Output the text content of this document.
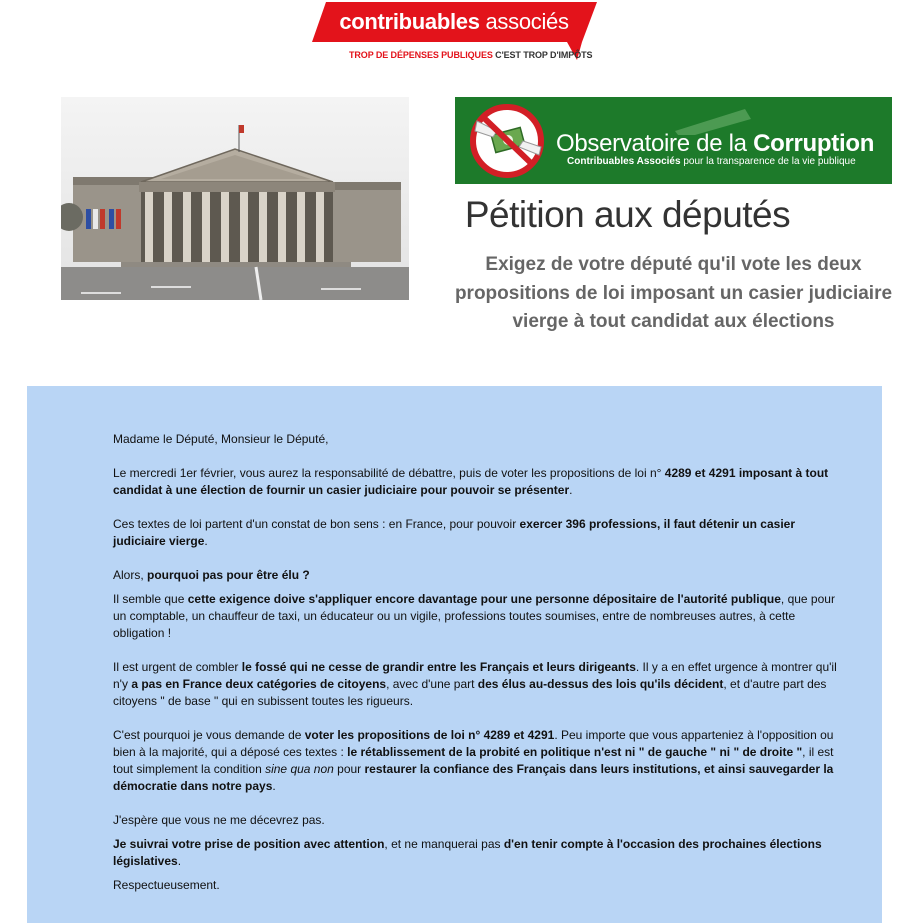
contribuables associés
TROP DE DÉPENSES PUBLIQUES C'EST TROP D'IMPÔTS
Observatoire de la Corruption
Contribuables Associés pour la transparence de la vie publique
Pétition aux députés
Exigez de votre député qu'il vote les deux propositions de loi imposant un casier judiciaire vierge à tout candidat aux élections

Madame le Député, Monsieur le Député,

Le mercredi 1er février, vous aurez la responsabilité de débattre, puis de voter les propositions de loi n° 4289 et 4291 imposant à tout candidat à une élection de fournir un casier judiciaire pour pouvoir se présenter.

Ces textes de loi partent d'un constat de bon sens : en France, pour pouvoir exercer 396 professions, il faut détenir un casier judiciaire vierge.

Alors, pourquoi pas pour être élu ?

Il semble que cette exigence doive s'appliquer encore davantage pour une personne dépositaire de l'autorité publique, que pour un comptable, un chauffeur de taxi, un éducateur ou un vigile, professions toutes soumises, entre de nombreuses autres, à cette obligation !

Il est urgent de combler le fossé qui ne cesse de grandir entre les Français et leurs dirigeants. Il y a en effet urgence à montrer qu'il n'y a pas en France deux catégories de citoyens, avec d'une part des élus au-dessus des lois qu'ils décident, et d'autre part des citoyens " de base " qui en subissent toutes les rigueurs.

C'est pourquoi je vous demande de voter les propositions de loi n° 4289 et 4291. Peu importe que vous apparteniez à l'opposition ou bien à la majorité, qui a déposé ces textes : le rétablissement de la probité en politique n'est ni " de gauche " ni " de droite ", il est tout simplement la condition sine qua non pour restaurer la confiance des Français dans leurs institutions, et ainsi sauvegarder la démocratie dans notre pays.

J'espère que vous ne me décevrez pas.

Je suivrai votre prise de position avec attention, et ne manquerai pas d'en tenir compte à l'occasion des prochaines élections législatives.

Respectueusement.
